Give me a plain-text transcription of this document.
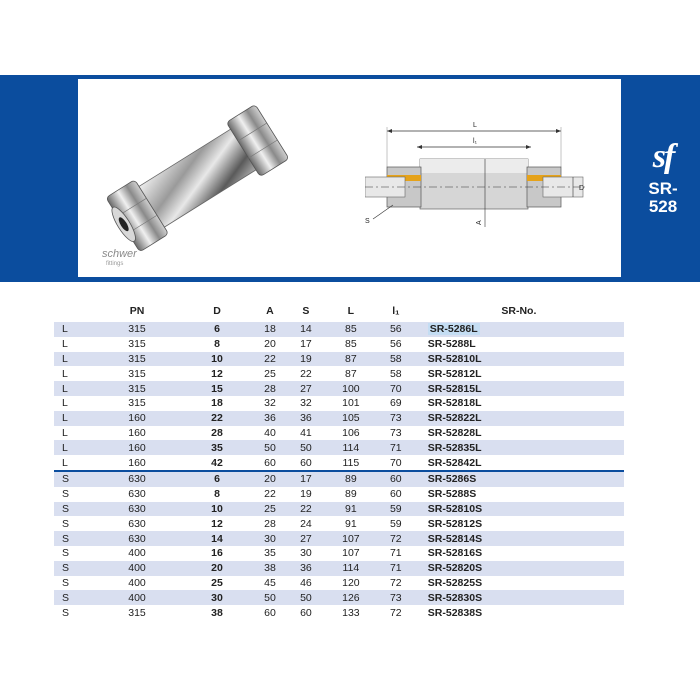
schwer
fittings
L
l₁
D
A
S
sf
SR-
528
	PN	D	A	S	L	l₁	SR-No.
L	315	6	18	14	85	56	SR-5286L
L	315	8	20	17	85	56	SR-5288L
L	315	10	22	19	87	58	SR-52810L
L	315	12	25	22	87	58	SR-52812L
L	315	15	28	27	100	70	SR-52815L
L	315	18	32	32	101	69	SR-52818L
L	160	22	36	36	105	73	SR-52822L
L	160	28	40	41	106	73	SR-52828L
L	160	35	50	50	114	71	SR-52835L
L	160	42	60	60	115	70	SR-52842L
S	630	6	20	17	89	60	SR-5286S
S	630	8	22	19	89	60	SR-5288S
S	630	10	25	22	91	59	SR-52810S
S	630	12	28	24	91	59	SR-52812S
S	630	14	30	27	107	72	SR-52814S
S	400	16	35	30	107	71	SR-52816S
S	400	20	38	36	114	71	SR-52820S
S	400	25	45	46	120	72	SR-52825S
S	400	30	50	50	126	73	SR-52830S
S	315	38	60	60	133	72	SR-52838S
